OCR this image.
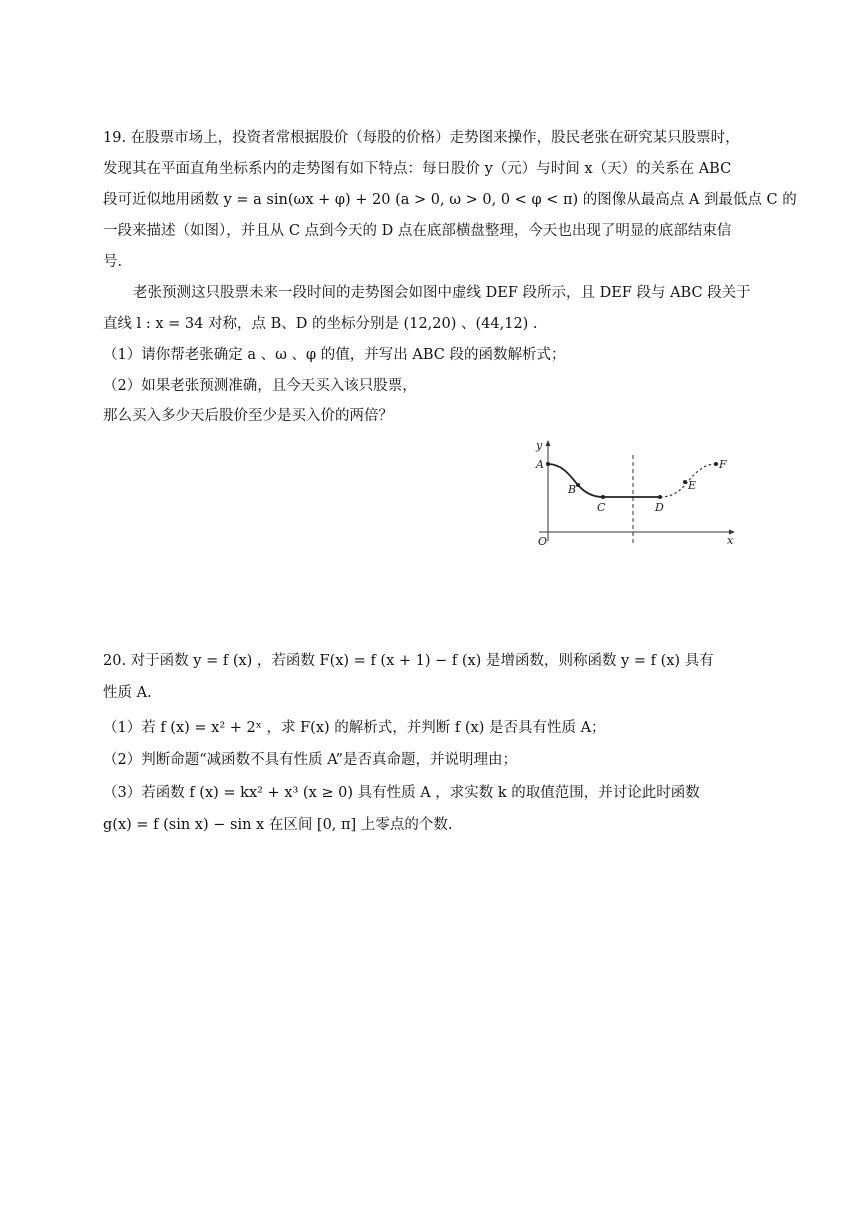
19. 在股票市场上，投资者常根据股价（每股的价格）走势图来操作，股民老张在研究某只股票时，
发现其在平面直角坐标系内的走势图有如下特点：每日股价 y（元）与时间 x（天）的关系在 ABC
段可近似地用函数 y = a sin(ωx + φ) + 20 (a > 0, ω > 0, 0 < φ < π) 的图像从最高点 A 到最低点 C 的
一段来描述（如图），并且从 C 点到今天的 D 点在底部横盘整理，今天也出现了明显的底部结束信
号.
老张预测这只股票未来一段时间的走势图会如图中虚线 DEF 段所示，且 DEF 段与 ABC 段关于
直线 l : x = 34 对称，点 B、D 的坐标分别是 (12,20) 、(44,12) .
（1）请你帮老张确定 a 、ω 、φ 的值，并写出 ABC 段的函数解析式；
（2）如果老张预测准确，且今天买入该只股票，
那么买入多少天后股价至少是买入价的两倍？
y
x
O
A
B
C	D
E
F
20. 对于函数 y = f (x) ，若函数 F(x) = f (x + 1) − f (x) 是增函数，则称函数 y = f (x) 具有
性质 A.
（1）若 f (x) = x² + 2ˣ ，求 F(x) 的解析式，并判断 f (x) 是否具有性质 A；
（2）判断命题“减函数不具有性质 A”是否真命题，并说明理由；
（3）若函数 f (x) = kx² + x³ (x ≥ 0) 具有性质 A ，求实数 k 的取值范围，并讨论此时函数
g(x) = f (sin x) − sin x 在区间 [0, π] 上零点的个数.
